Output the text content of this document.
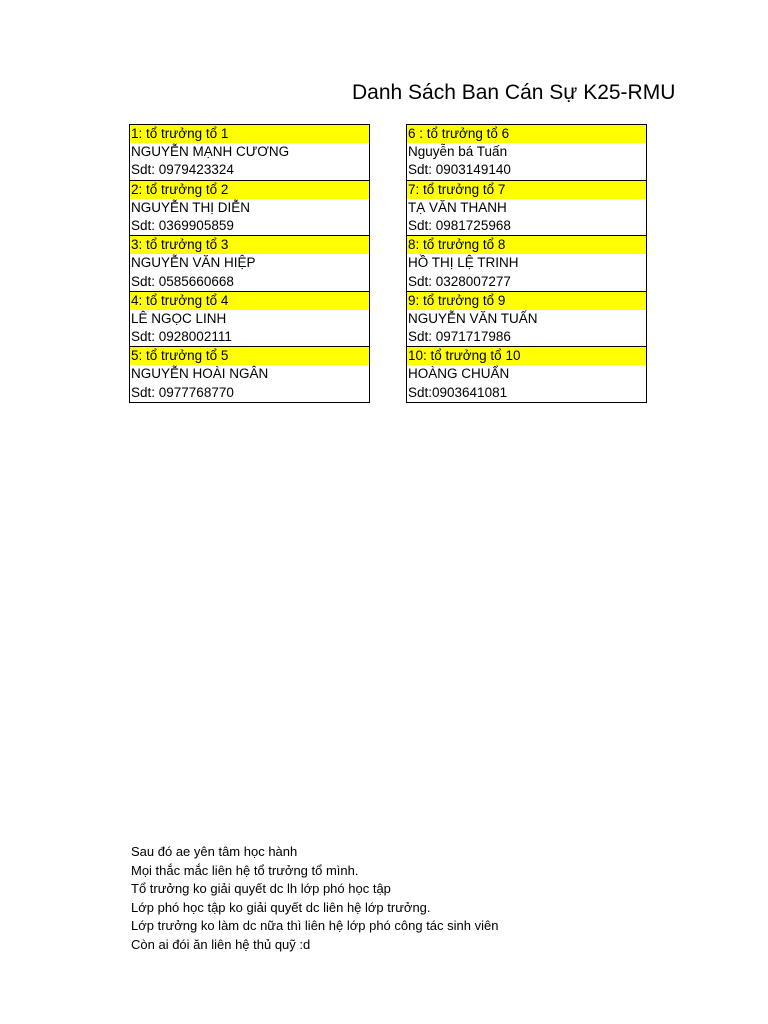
Danh Sách Ban Cán Sự K25-RMU
1: tổ trưởng tổ 1
NGUYỄN MẠNH CƯƠNG
Sdt: 0979423324
2: tổ trưởng tổ 2
NGUYỄN THỊ DIỄN
Sdt: 0369905859
3: tổ trưởng tổ 3
NGUYỄN VĂN HIỆP
Sdt: 0585660668
4: tổ trưởng tổ 4
LÊ NGỌC LINH
Sdt: 0928002111
5: tổ trưởng tổ 5
NGUYỄN HOÀI NGÂN
Sdt: 0977768770
6 : tổ trưởng tổ 6
Nguyễn bá Tuấn
Sdt: 0903149140
7: tổ trưởng tổ 7
TẠ VĂN THANH
Sdt: 0981725968
8: tổ trưởng tổ 8
HỒ THỊ LỆ TRINH
Sdt: 0328007277
9: tổ trưởng tổ 9
NGUYỄN VĂN TUẤN
Sdt: 0971717986
10: tổ trưởng tổ 10
HOÀNG CHUẨN
Sdt:0903641081
Sau đó ae yên tâm học hành
Mọi thắc mắc liên hệ tổ trưởng tổ mình.
Tổ trưởng ko giải quyết dc lh lớp phó học tập
Lớp phó học tập ko giải quyết dc liên hệ lớp trưởng.
Lớp trưởng ko làm dc nữa thì liên hệ lớp phó công tác sinh viên
Còn ai đói ăn liên hệ thủ quỹ :d
